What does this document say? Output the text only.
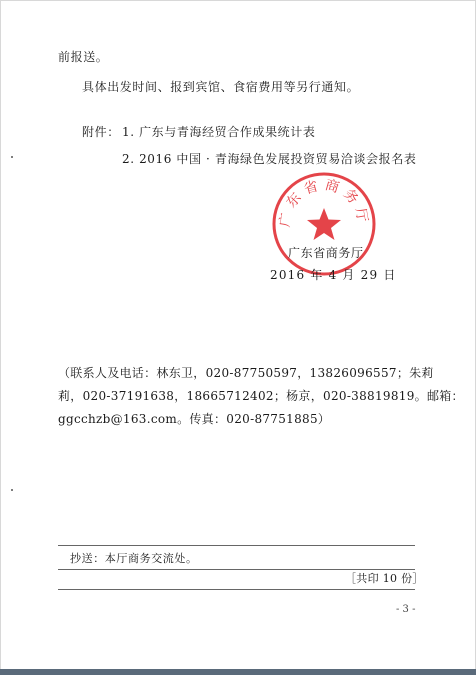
前报送。
具体出发时间、报到宾馆、食宿费用等另行通知。
附件： 1. 广东与青海经贸合作成果统计表
2. 2016 中国 · 青海绿色发展投资贸易洽谈会报名表
广东省商务厅
广东省商务厅
2016 年 4 月 29 日
（联系人及电话：林东卫，020-87750597，13826096557；朱莉
莉，020-37191638，18665712402；杨京，020-38819819。邮箱：
ggcchzb@163.com。传真：020-87751885）
抄送：本厅商务交流处。
［共印 10 份］
- 3 -
